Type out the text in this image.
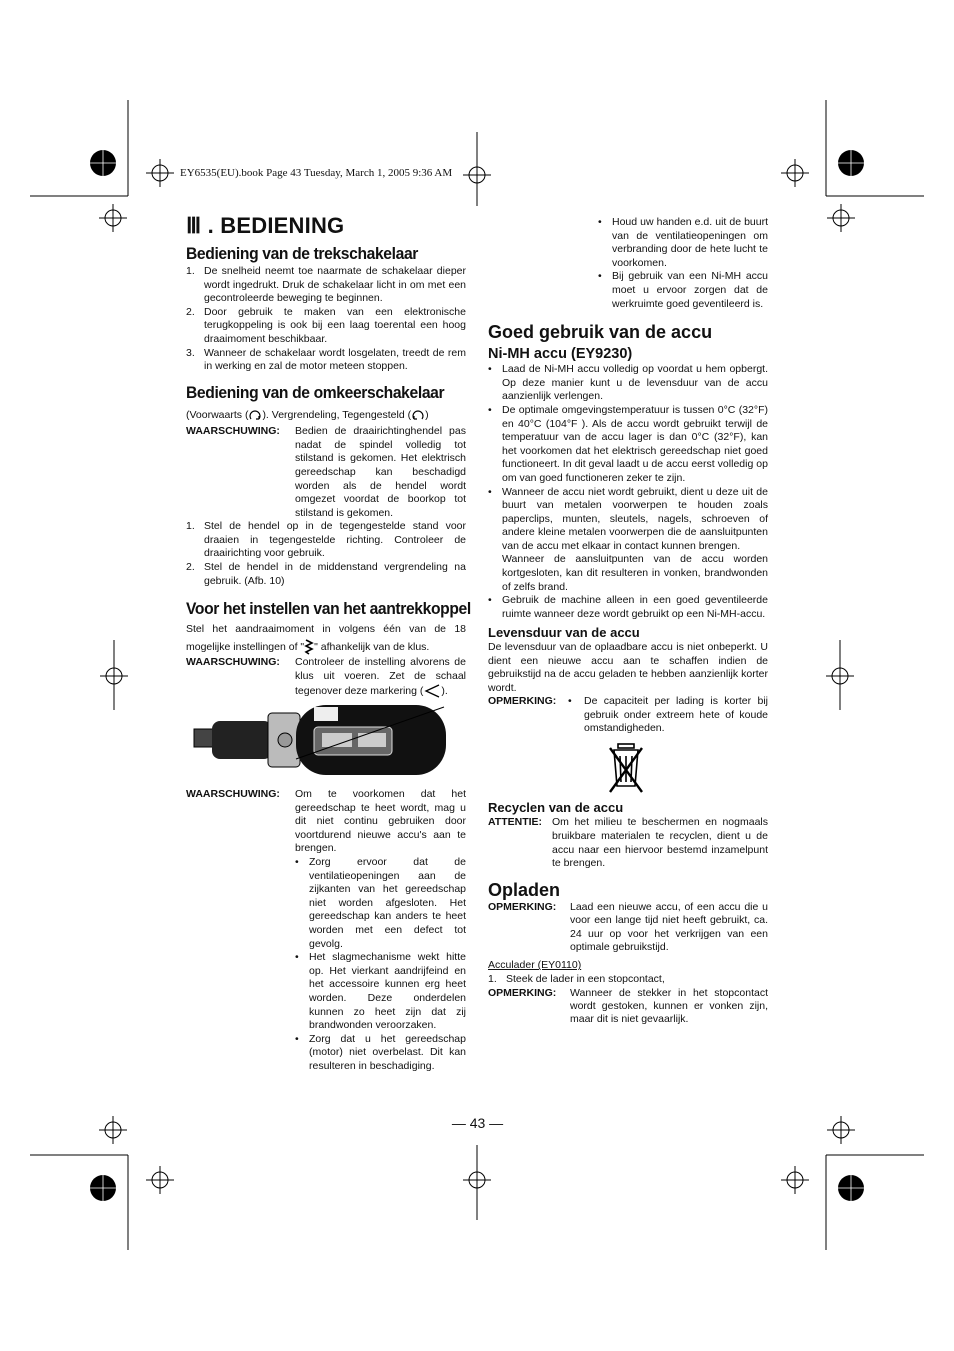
EY6535(EU).book Page 43 Tuesday, March 1, 2005 9:36 AM
Ⅲ . BEDIENING
Bediening van de trekschakelaar
1. De snelheid neemt toe naarmate de schakelaar dieper wordt ingedrukt. Druk de schakelaar licht in om met een gecontroleerde beweging te beginnen.
2. Door gebruik te maken van een elektronische terugkoppeling is ook bij een laag toerental een hoog draaimoment beschikbaar.
3. Wanneer de schakelaar wordt losgelaten, treedt de rem in werking en zal de motor meteen stoppen.
Bediening van de omkeerschakelaar
(Voorwaarts ( ). Vergrendeling, Tegengesteld ( )
WAARSCHUWING: Bedien de draairichtinghendel pas nadat de spindel volledig tot stilstand is gekomen. Het elektrisch gereedschap kan beschadigd worden als de hendel wordt omgezet voordat de boorkop tot stilstand is gekomen.
1. Stel de hendel op in de tegengestelde stand voor draaien in tegengestelde richting. Controleer de draairichting voor gebruik.
2. Stel de hendel in de middenstand vergrendeling na gebruik. (Afb. 10)
Voor het instellen van het aantrekkoppel
Stel het aandraaimoment in volgens één van de 18 mogelijke instellingen of " " afhankelijk van de klus.
WAARSCHUWING: Controleer de instelling alvorens de klus uit voeren. Zet de schaal tegenover deze markering ( ).
WAARSCHUWING: Om te voorkomen dat het gereedschap te heet wordt, mag u dit niet continu gebruiken door voortdurend nieuwe accu's aan te brengen.
• Zorg ervoor dat de ventilatieopeningen aan de zijkanten van het gereedschap niet worden afgesloten. Het gereedschap kan anders te heet worden met een defect tot gevolg.
• Het slagmechanisme wekt hitte op. Het vierkant aandrijfeind en het accessoire kunnen erg heet worden. Deze onderdelen kunnen zo heet zijn dat zij brandwonden veroorzaken.
• Zorg dat u het gereedschap (motor) niet overbelast. Dit kan resulteren in beschadiging.
• Houd uw handen e.d. uit de buurt van de ventilatieopeningen om verbranding door de hete lucht te voorkomen.
• Bij gebruik van een Ni-MH accu moet u ervoor zorgen dat de werkruimte goed geventileerd is.
Goed gebruik van de accu
Ni-MH accu (EY9230)
• Laad de Ni-MH accu volledig op voordat u hem opbergt. Op deze manier kunt u de levensduur van de accu aanzienlijk verlengen.
• De optimale omgevingstemperatuur is tussen 0°C (32°F) en 40°C (104°F ). Als de accu wordt gebruikt terwijl de temperatuur van de accu lager is dan 0°C (32°F), kan het voorkomen dat het elektrisch gereedschap niet goed functioneert. In dit geval laadt u de accu eerst volledig op om van goed functioneren zeker te zijn.
• Wanneer de accu niet wordt gebruikt, dient u deze uit de buurt van metalen voorwerpen te houden zoals paperclips, munten, sleutels, nagels, schroeven of andere kleine metalen voorwerpen die de aansluitpunten van de accu met elkaar in contact kunnen brengen.
Wanneer de aansluitpunten van de accu worden kortgesloten, kan dit resulteren in vonken, brandwonden of zelfs brand.
• Gebruik de machine alleen in een goed geventileerde ruimte wanneer deze wordt gebruikt op een Ni-MH-accu.
Levensduur van de accu
De levensduur van de oplaadbare accu is niet onbeperkt. U dient een nieuwe accu aan te schaffen indien de gebruikstijd na de accu geladen te hebben aanzienlijk korter wordt.
OPMERKING: • De capaciteit per lading is korter bij gebruik onder extreem hete of koude omstandigheden.
Recyclen van de accu
ATTENTIE: Om het milieu te beschermen en nogmaals bruikbare materialen te recyclen, dient u de accu naar een hiervoor bestemd inzamelpunt te brengen.
Opladen
OPMERKING: Laad een nieuwe accu, of een accu die u voor een lange tijd niet heeft gebruikt, ca. 24 uur op voor het verkrijgen van een optimale gebruikstijd.
Acculader (EY0110)
1. Steek de lader in een stopcontact,
OPMERKING: Wanneer de stekker in het stopcontact wordt gestoken, kunnen er vonken zijn, maar dit is niet gevaarlijk.
— 43 —
